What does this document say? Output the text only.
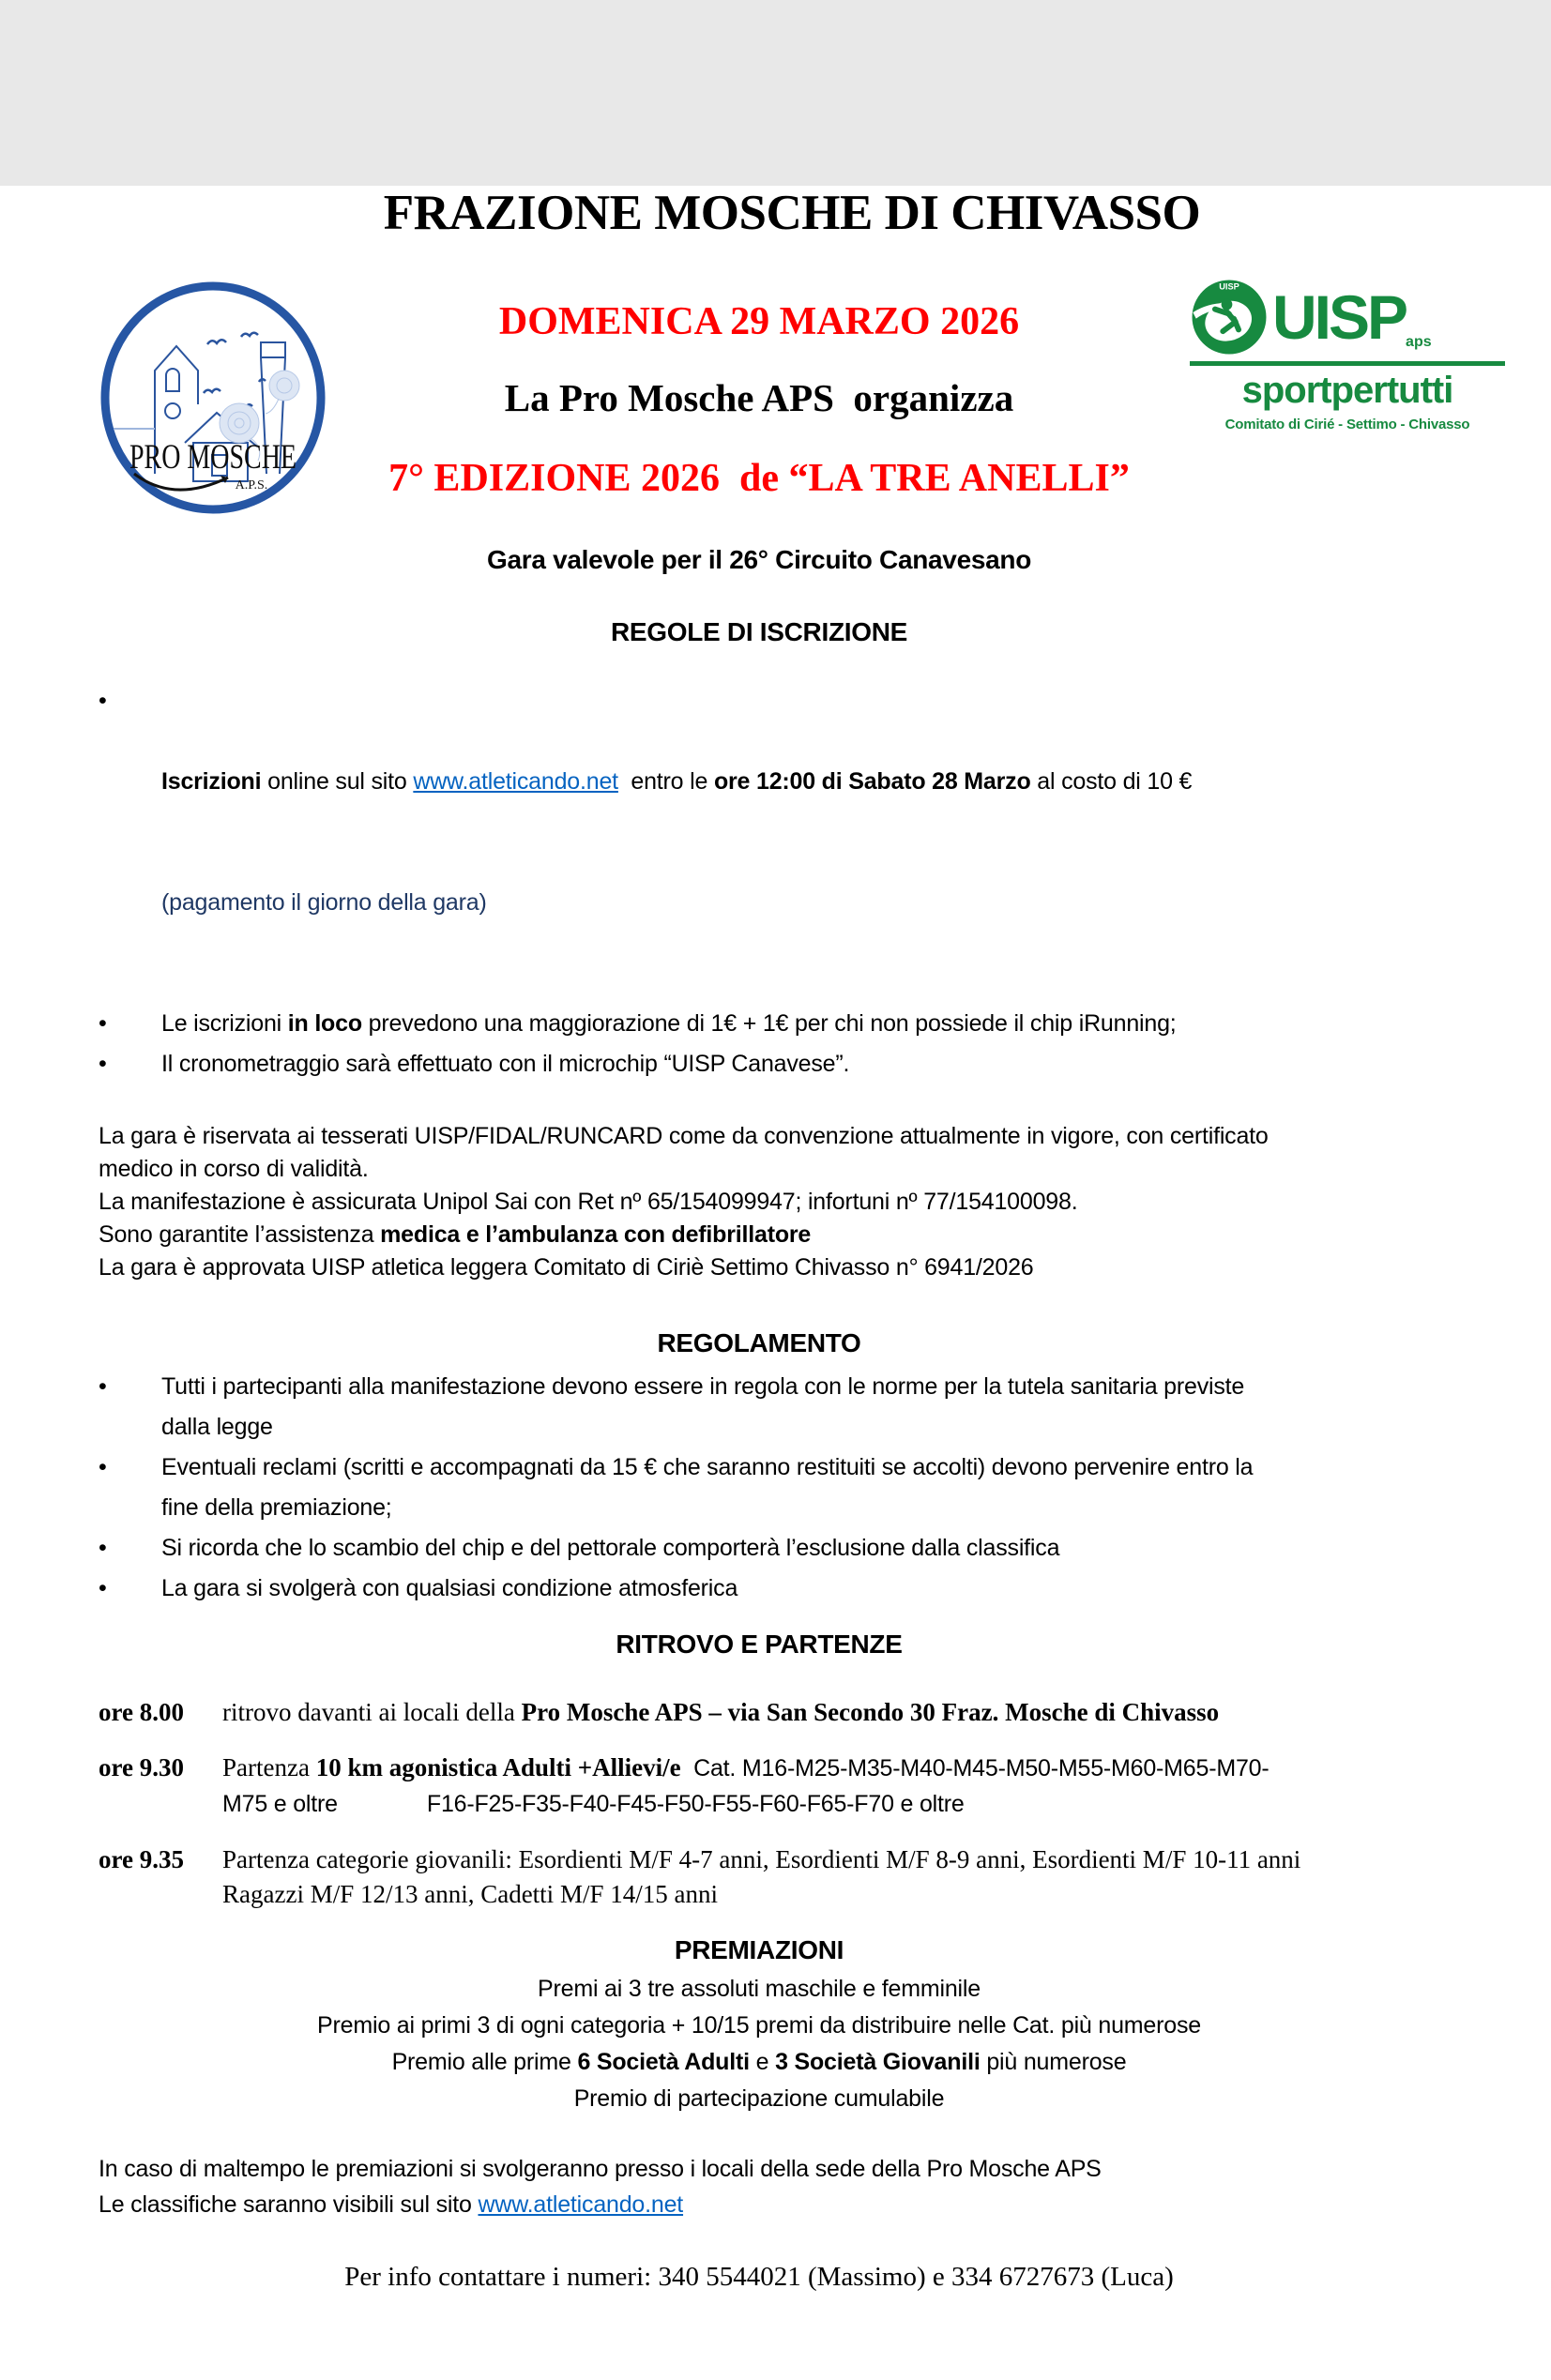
PRO MOSCHE
A.P.S.
UISP UISP aps
sportpertutti
Comitato di Cirié - Settimo - Chivasso
FRAZIONE MOSCHE DI CHIVASSO
DOMENICA 29 MARZO 2026
La Pro Mosche APS  organizza
7° EDIZIONE 2026  de “LA TRE ANELLI”
Gara valevole per il 26° Circuito Canavesano
REGOLE DI ISCRIZIONE
•

Iscrizioni online sul sito www.atleticando.net  entro le ore 12:00 di Sabato 28 Marzo al costo di 10 €

(pagamento il giorno della gara)

•	Le iscrizioni in loco prevedono una maggiorazione di 1€ + 1€ per chi non possiede il chip iRunning;
•	Il cronometraggio sarà effettuato con il microchip “UISP Canavese”.
La gara è riservata ai tesserati UISP/FIDAL/RUNCARD come da convenzione attualmente in vigore, con certificato
medico in corso di validità.
La manifestazione è assicurata Unipol Sai con Ret nº 65/154099947; infortuni nº 77/154100098.
Sono garantite l’assistenza medica e l’ambulanza con defibrillatore
La gara è approvata UISP atletica leggera Comitato di Ciriè Settimo Chivasso n° 6941/2026
REGOLAMENTO
•	Tutti i partecipanti alla manifestazione devono essere in regola con le norme per la tutela sanitaria previste
dalla legge
•	Eventuali reclami (scritti e accompagnati da 15 € che saranno restituiti se accolti) devono pervenire entro la
fine della premiazione;
•	Si ricorda che lo scambio del chip e del pettorale comporterà l’esclusione dalla classifica
•	La gara si svolgerà con qualsiasi condizione atmosferica
RITROVO E PARTENZE
ore 8.00	ritrovo davanti ai locali della Pro Mosche APS – via San Secondo 30 Fraz. Mosche di Chivasso
ore 9.30	Partenza 10 km agonistica Adulti +Allievi/e  Cat. M16-M25-M35-M40-M45-M50-M55-M60-M65-M70-
M75 e oltre	F16-F25-F35-F40-F45-F50-F55-F60-F65-F70 e oltre
ore 9.35	Partenza categorie giovanili: Esordienti M/F 4-7 anni, Esordienti M/F 8-9 anni, Esordienti M/F 10-11 anni
Ragazzi M/F 12/13 anni, Cadetti M/F 14/15 anni
PREMIAZIONI
Premi ai 3 tre assoluti maschile e femminile
Premio ai primi 3 di ogni categoria + 10/15 premi da distribuire nelle Cat. più numerose
Premio alle prime 6 Società Adulti e 3 Società Giovanili più numerose
Premio di partecipazione cumulabile
In caso di maltempo le premiazioni si svolgeranno presso i locali della sede della Pro Mosche APS
Le classifiche saranno visibili sul sito www.atleticando.net
Per info contattare i numeri: 340 5544021 (Massimo) e 334 6727673 (Luca)
